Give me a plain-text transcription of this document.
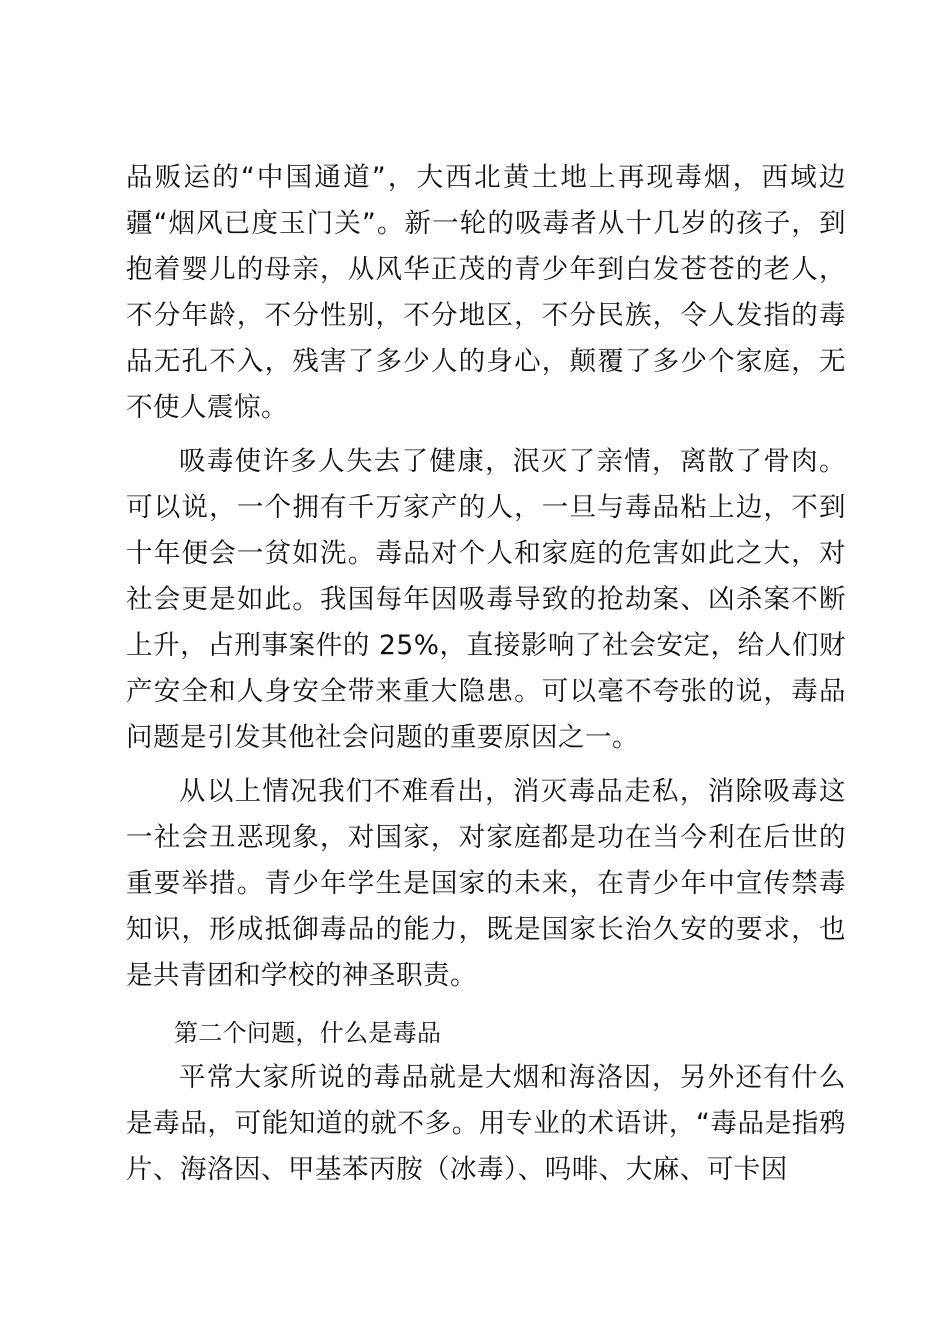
品贩运的“中国通道”，大西北黄土地上再现毒烟，西域边疆“烟风已度玉门关”。新一轮的吸毒者从十几岁的孩子，到抱着婴儿的母亲，从风华正茂的青少年到白发苍苍的老人，不分年龄，不分性别，不分地区，不分民族，令人发指的毒品无孔不入，残害了多少人的身心，颠覆了多少个家庭，无不使人震惊。

吸毒使许多人失去了健康，泯灭了亲情，离散了骨肉。可以说，一个拥有千万家产的人，一旦与毒品粘上边，不到十年便会一贫如洗。毒品对个人和家庭的危害如此之大，对社会更是如此。我国每年因吸毒导致的抢劫案、凶杀案不断上升，占刑事案件的 25%，直接影响了社会安定，给人们财产安全和人身安全带来重大隐患。可以毫不夸张的说，毒品问题是引发其他社会问题的重要原因之一。

从以上情况我们不难看出，消灭毒品走私，消除吸毒这一社会丑恶现象，对国家，对家庭都是功在当今利在后世的重要举措。青少年学生是国家的未来，在青少年中宣传禁毒知识，形成抵御毒品的能力，既是国家长治久安的要求，也是共青团和学校的神圣职责。

第二个问题，什么是毒品

平常大家所说的毒品就是大烟和海洛因，另外还有什么是毒品，可能知道的就不多。用专业的术语讲，“毒品是指鸦片、海洛因、甲基苯丙胺（冰毒）、吗啡、大麻、可卡因
